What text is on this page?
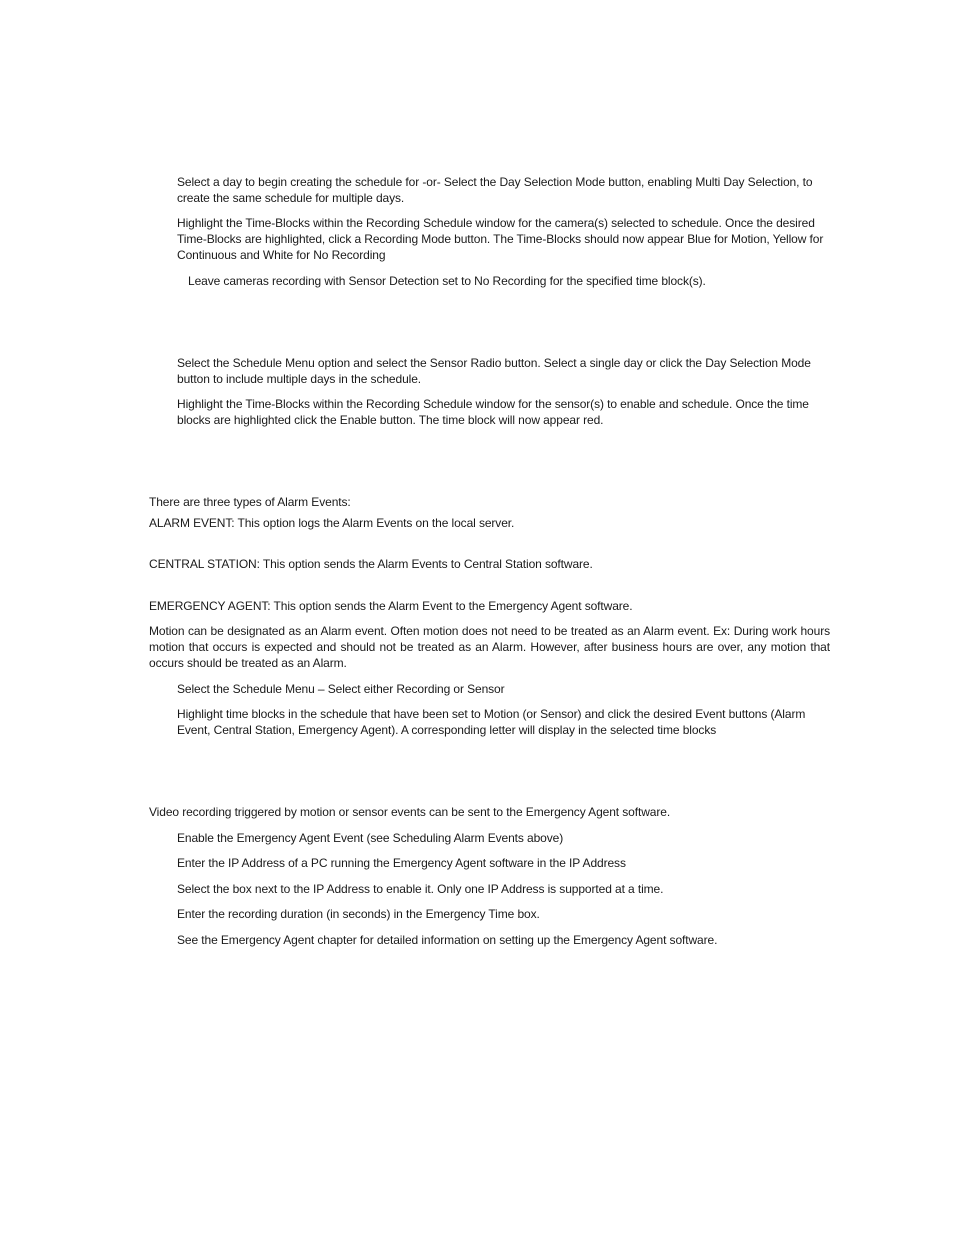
Select a day to begin creating the schedule for -or- Select the Day Selection Mode button, enabling Multi Day Selection, to create the same schedule for multiple days.

Highlight the Time-Blocks within the Recording Schedule window for the camera(s) selected to schedule. Once the desired Time-Blocks are highlighted, click a Recording Mode button. The Time-Blocks should now appear Blue for Motion, Yellow for Continuous and White for No Recording

Leave cameras recording with Sensor Detection set to No Recording for the specified time block(s).

Select the Schedule Menu option and select the Sensor Radio button. Select a single day or click the Day Selection Mode button to include multiple days in the schedule.

Highlight the Time-Blocks within the Recording Schedule window for the sensor(s) to enable and schedule. Once the time blocks are highlighted click the Enable button. The time block will now appear red.

There are three types of Alarm Events:

ALARM EVENT: This option logs the Alarm Events on the local server.

CENTRAL STATION: This option sends the Alarm Events to Central Station software.

EMERGENCY AGENT: This option sends the Alarm Event to the Emergency Agent software.

Motion can be designated as an Alarm event. Often motion does not need to be treated as an Alarm event. Ex: During work hours motion that occurs is expected and should not be treated as an Alarm. However, after business hours are over, any motion that occurs should be treated as an Alarm.

Select the Schedule Menu – Select either Recording or Sensor

Highlight time blocks in the schedule that have been set to Motion (or Sensor) and click the desired Event buttons (Alarm Event, Central Station, Emergency Agent). A corresponding letter will display in the selected time blocks

Video recording triggered by motion or sensor events can be sent to the Emergency Agent software.

Enable the Emergency Agent Event (see Scheduling Alarm Events above)

Enter the IP Address of a PC running the Emergency Agent software in the IP Address

Select the box next to the IP Address to enable it. Only one IP Address is supported at a time.

Enter the recording duration (in seconds) in the Emergency Time box.

See the Emergency Agent chapter for detailed information on setting up the Emergency Agent software.
